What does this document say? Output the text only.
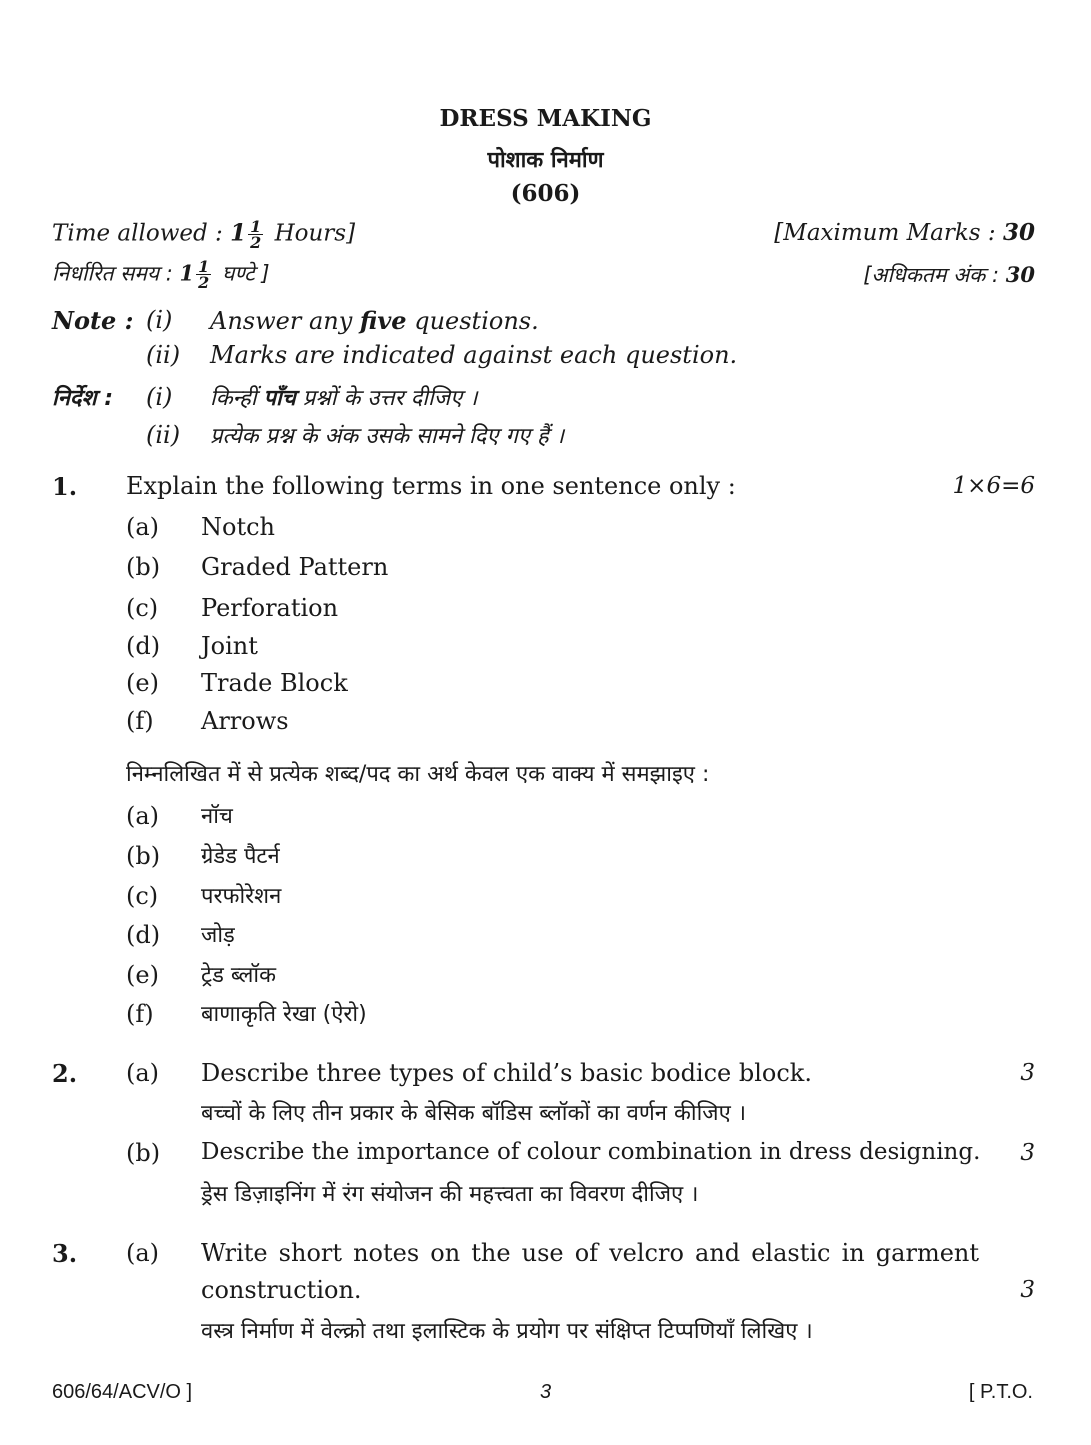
DRESS MAKING
पोशाक निर्माण
(606)
Time allowed : $1 \frac{1}{2}$ Hours]	[Maximum Marks : 30
निर्धारित समय : $1 \frac{1}{2}$ घण्टे ]	[अधिकतम अंक : 30
Note : (i) Answer any five questions.
(ii) Marks are indicated against each question.
निर्देश : (i) किन्हीं पाँच प्रश्नों के उत्तर दीजिए ।
(ii) प्रत्येक प्रश्न के अंक उसके सामने दिए गए हैं ।
1. Explain the following terms in one sentence only :	1×6=6
(a) Notch
(b) Graded Pattern
(c) Perforation
(d) Joint
(e) Trade Block
(f) Arrows
निम्नलिखित में से प्रत्येक शब्द/पद का अर्थ केवल एक वाक्य में समझाइए :
(a) नॉच
(b) ग्रेडेड पैटर्न
(c) परफोरेशन
(d) जोड़
(e) ट्रेड ब्लॉक
(f) बाणाकृति रेखा (ऐरो)
2. (a) Describe three types of child’s basic bodice block.	3
बच्चों के लिए तीन प्रकार के बेसिक बॉडिस ब्लॉकों का वर्णन कीजिए ।
(b) Describe the importance of colour combination in dress designing. 3
ड्रेस डिज़ाइनिंग में रंग संयोजन की महत्त्वता का विवरण दीजिए ।
3. (a) Write short notes on the use of velcro and elastic in garment
construction.	3
वस्त्र निर्माण में वेल्क्रो तथा इलास्टिक के प्रयोग पर संक्षिप्त टिप्पणियाँ लिखिए ।
606/64/ACV/O ]	3	[ P.T.O.
